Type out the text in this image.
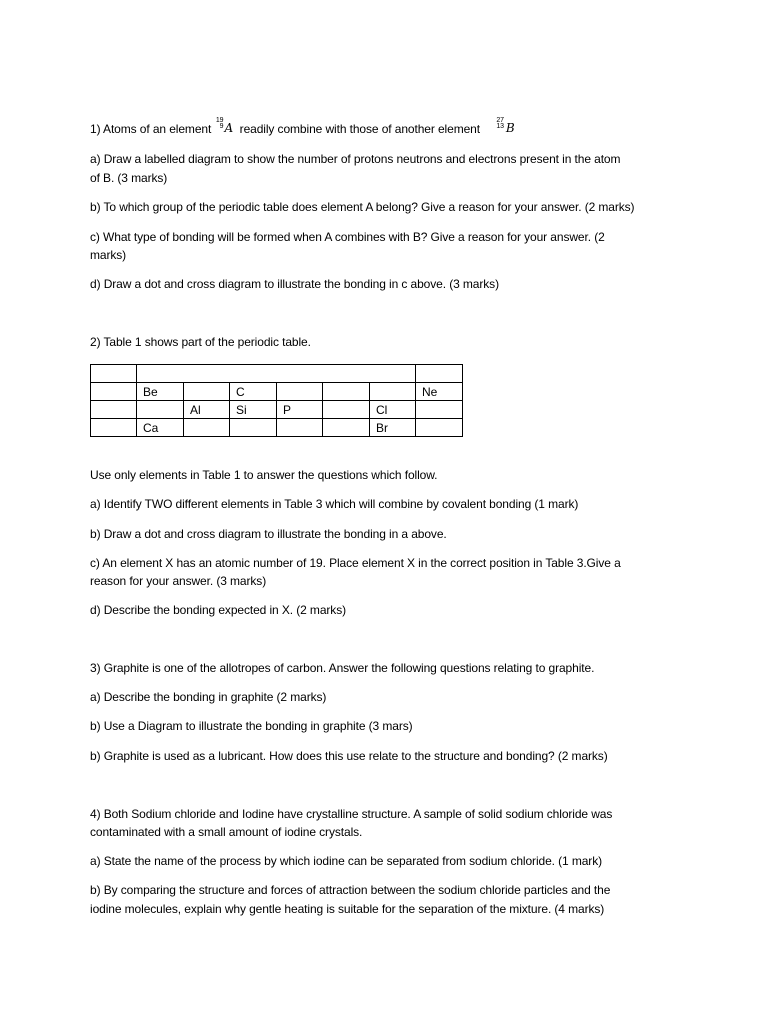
1) Atoms of an element
19
9 A readily combine with those of another element
27
13 B
a) Draw a labelled diagram to show the number of protons neutrons and electrons present in the atom
of B. (3 marks)
b) To which group of the periodic table does element A belong? Give a reason for your answer. (2 marks)
c) What type of bonding will be formed when A combines with B? Give a reason for your answer. (2
marks)
d) Draw a dot and cross diagram to illustrate the bonding in c above. (3 marks)
2) Table 1 shows part of the periodic table.

	Be		C				Ne
		Al	Si	P		Cl	
	Ca					Br	
Use only elements in Table 1 to answer the questions which follow.
a) Identify TWO different elements in Table 3 which will combine by covalent bonding (1 mark)
b) Draw a dot and cross diagram to illustrate the bonding in a above.
c) An element X has an atomic number of 19. Place element X in the correct position in Table 3.Give a
reason for your answer. (3 marks)
d) Describe the bonding expected in X. (2 marks)
3) Graphite is one of the allotropes of carbon. Answer the following questions relating to graphite.
a) Describe the bonding in graphite (2 marks)
b) Use a Diagram to illustrate the bonding in graphite (3 mars)
b) Graphite is used as a lubricant. How does this use relate to the structure and bonding? (2 marks)
4) Both Sodium chloride and Iodine have crystalline structure. A sample of solid sodium chloride was
contaminated with a small amount of iodine crystals.
a) State the name of the process by which iodine can be separated from sodium chloride. (1 mark)
b) By comparing the structure and forces of attraction between the sodium chloride particles and the
iodine molecules, explain why gentle heating is suitable for the separation of the mixture. (4 marks)
